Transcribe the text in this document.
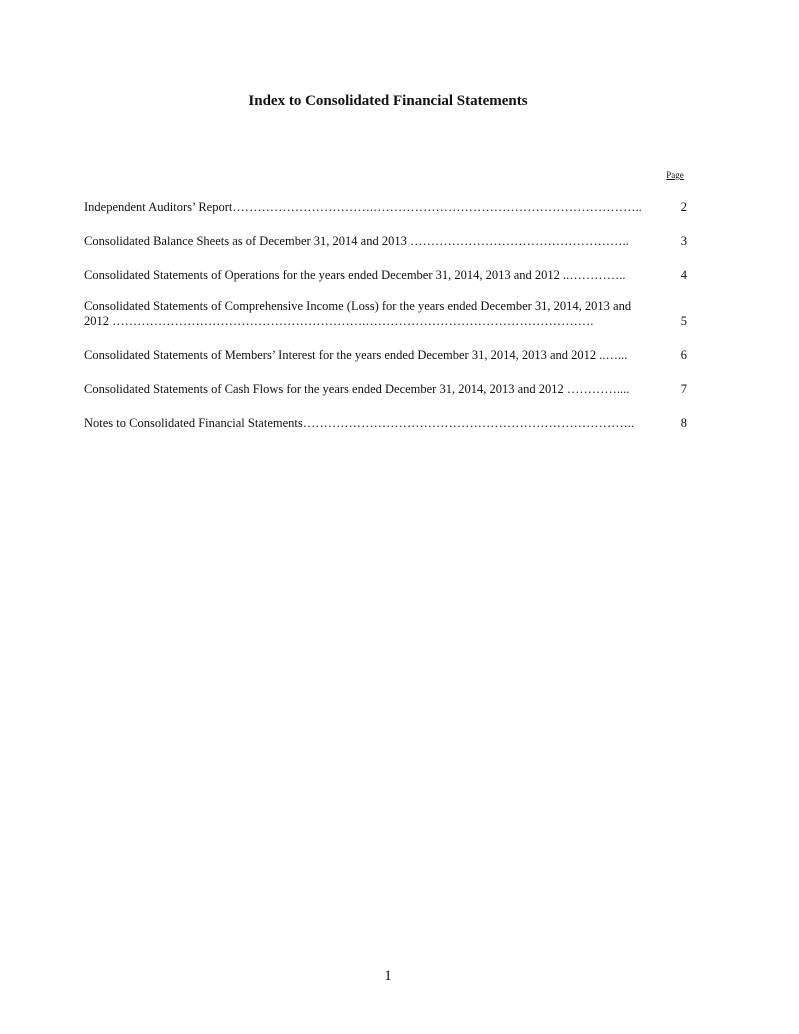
Index to Consolidated Financial Statements
Page
Independent Auditors’ Report…………………………….………………………………………………………..	2
Consolidated Balance Sheets as of December 31, 2014 and 2013 ……………………………………………..	3
Consolidated Statements of Operations for the years ended December 31, 2014, 2013 and 2012 ..…………..	4
Consolidated Statements of Comprehensive Income (Loss) for the years ended December 31, 2014, 2013 and 2012 …………………………………………………….……………………………………………….	5
Consolidated Statements of Members’ Interest for the years ended December 31, 2014, 2013 and 2012 ..…...	6
Consolidated Statements of Cash Flows for the years ended December 31, 2014, 2013 and 2012 …………....	7
Notes to Consolidated Financial Statements……………………………………………………………………..	8
1
